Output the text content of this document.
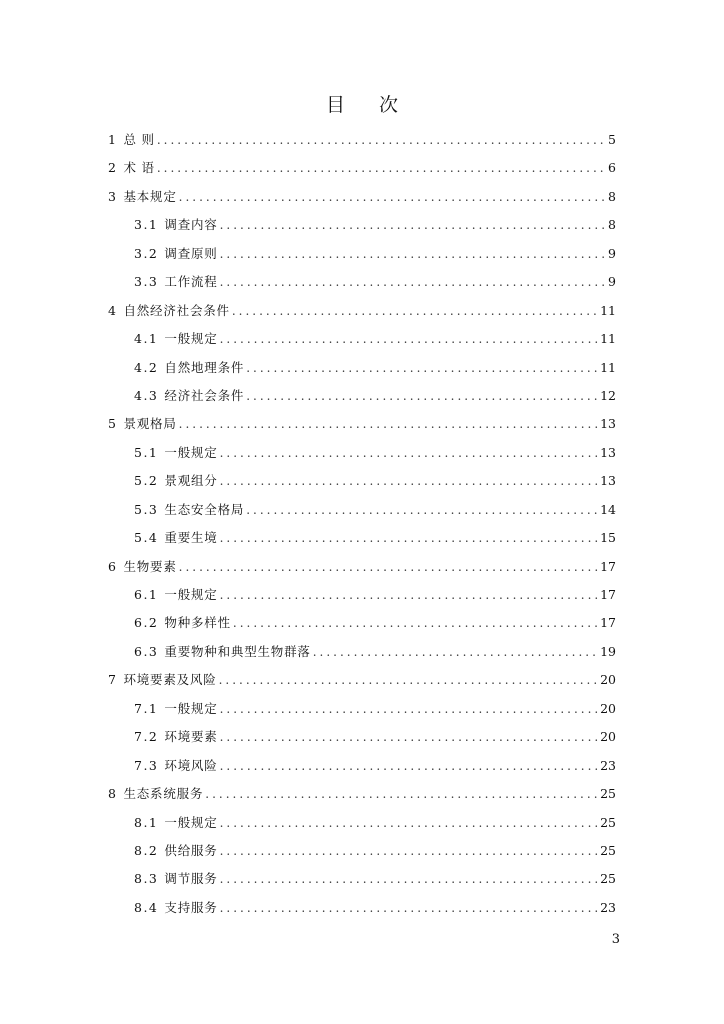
目 次
1 总 则 .....	5
2 术 语 .....	6
3 基本规定 .....	8
3.1 调查内容 .....	8
3.2 调查原则 .....	9
3.3 工作流程 .....	9
4 自然经济社会条件 .....	11
4.1 一般规定 .....	11
4.2 自然地理条件 .....	11
4.3 经济社会条件 .....	12
5 景观格局 .....	13
5.1 一般规定 .....	13
5.2 景观组分 .....	13
5.3 生态安全格局 .....	14
5.4 重要生境 .....	15
6 生物要素 .....	17
6.1 一般规定 .....	17
6.2 物种多样性 .....	17
6.3 重要物种和典型生物群落 .....	19
7 环境要素及风险 .....	20
7.1 一般规定 .....	20
7.2 环境要素 .....	20
7.3 环境风险 .....	23
8 生态系统服务 .....	25
8.1 一般规定 .....	25
8.2 供给服务 .....	25
8.3 调节服务 .....	25
8.4 支持服务 .....	23
3
